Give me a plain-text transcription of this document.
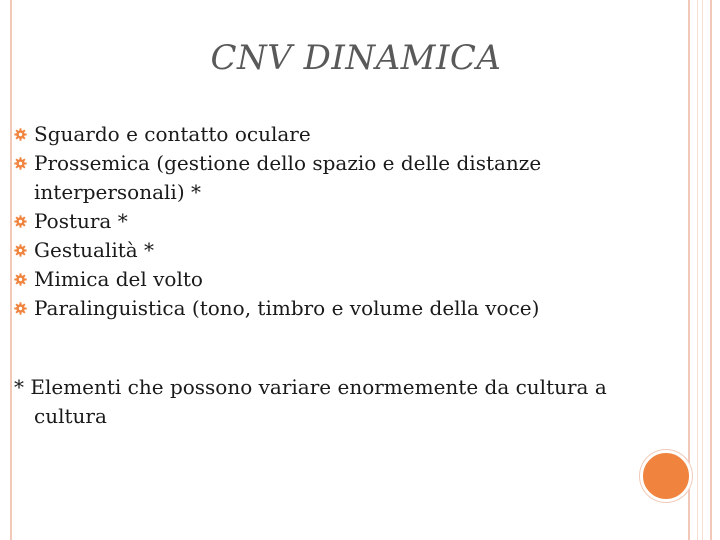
CNV DINAMICA
Sguardo e contatto oculare
Prossemica (gestione dello spazio e delle distanze interpersonali) *
Postura *
Gestualità *
Mimica del volto
Paralinguistica (tono, timbro e volume della voce)
* Elementi che possono variare enormemente da cultura a cultura
